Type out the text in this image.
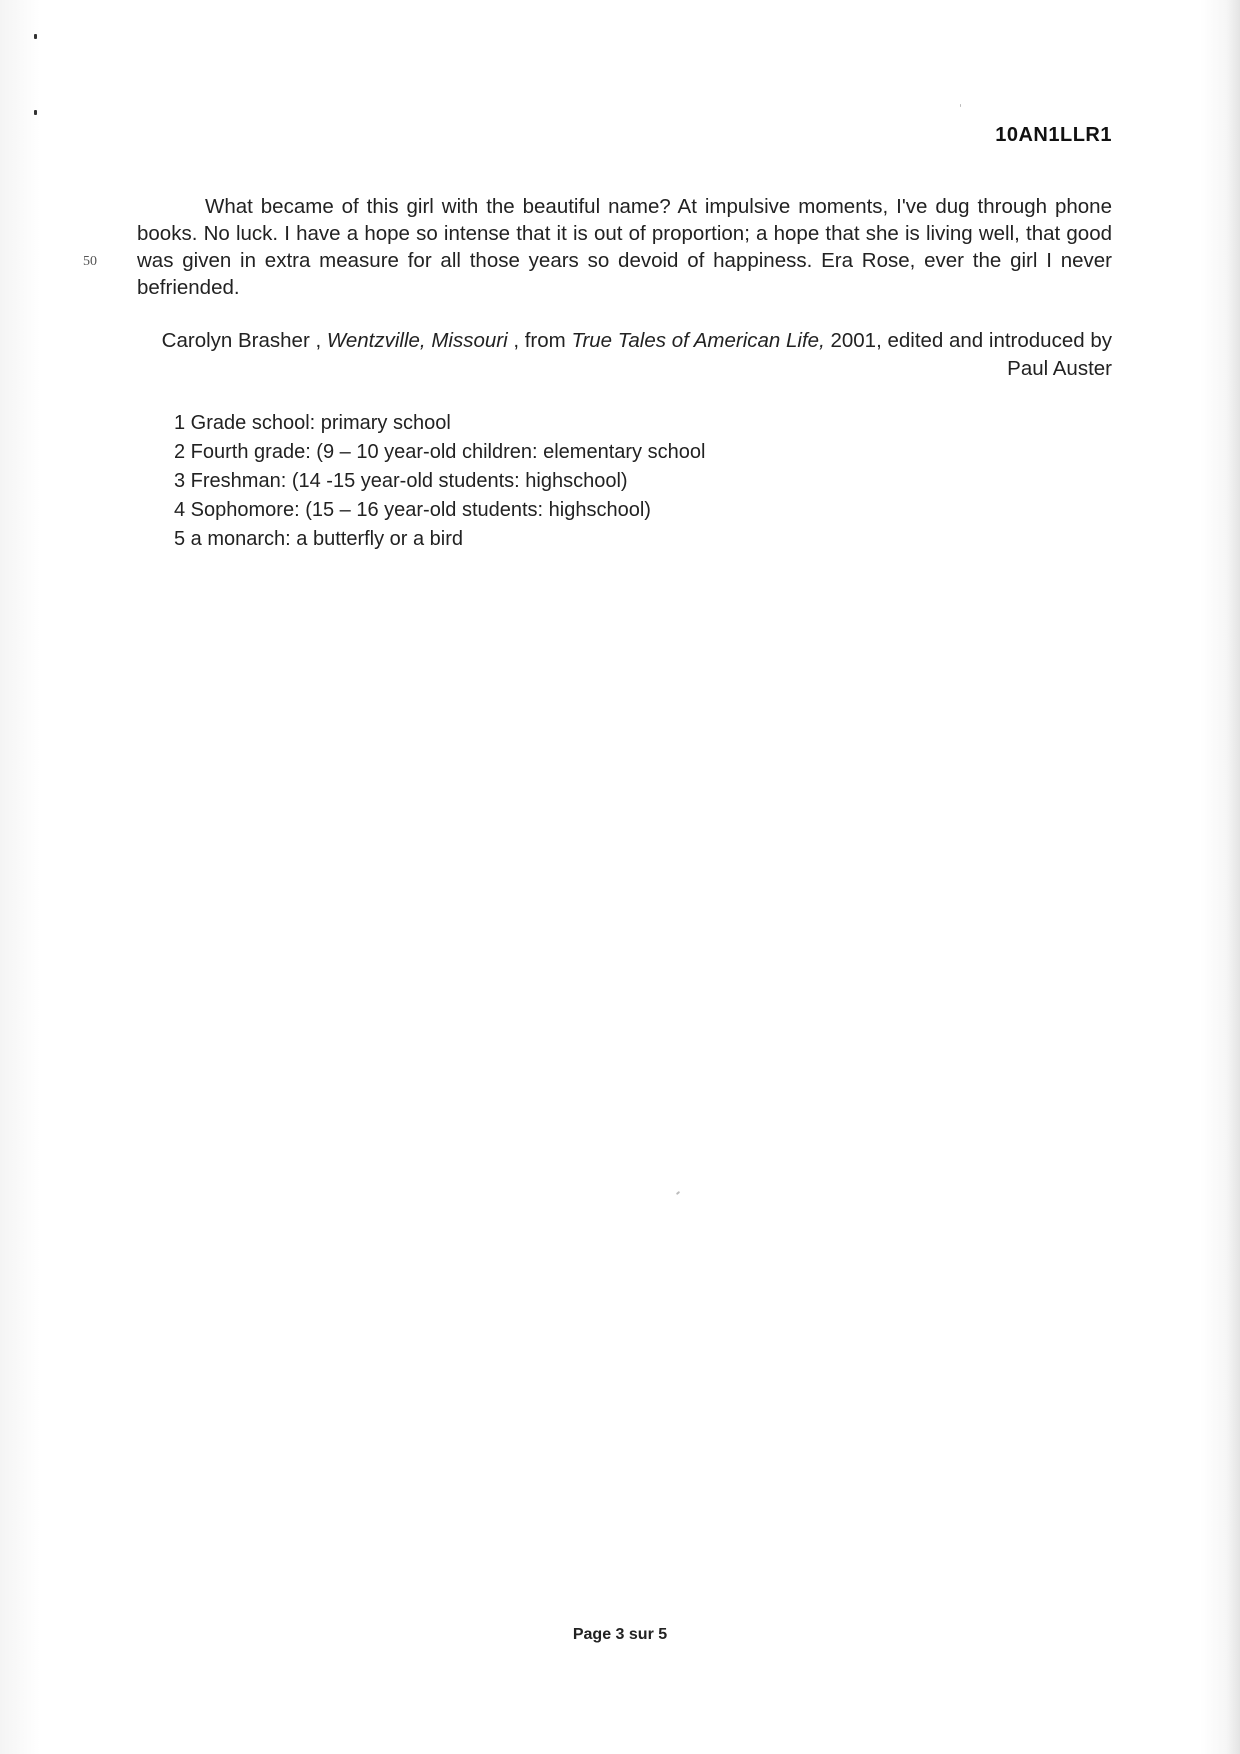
10AN1LLR1
50

What became of this girl with the beautiful name? At impulsive moments, I've dug through phone books. No luck. I have a hope so intense that it is out of proportion; a hope that she is living well, that good was given in extra measure for all those years so devoid of happiness. Era Rose, ever the girl I never befriended.

Carolyn Brasher , Wentzville, Missouri , from True Tales of American Life, 2001, edited and introduced by Paul Auster

1 Grade school: primary school
2 Fourth grade: (9 – 10 year-old children: elementary school
3 Freshman: (14 -15 year-old students: highschool)
4 Sophomore: (15 – 16 year-old students: highschool)
5 a monarch: a butterfly or a bird
Page 3 sur 5
